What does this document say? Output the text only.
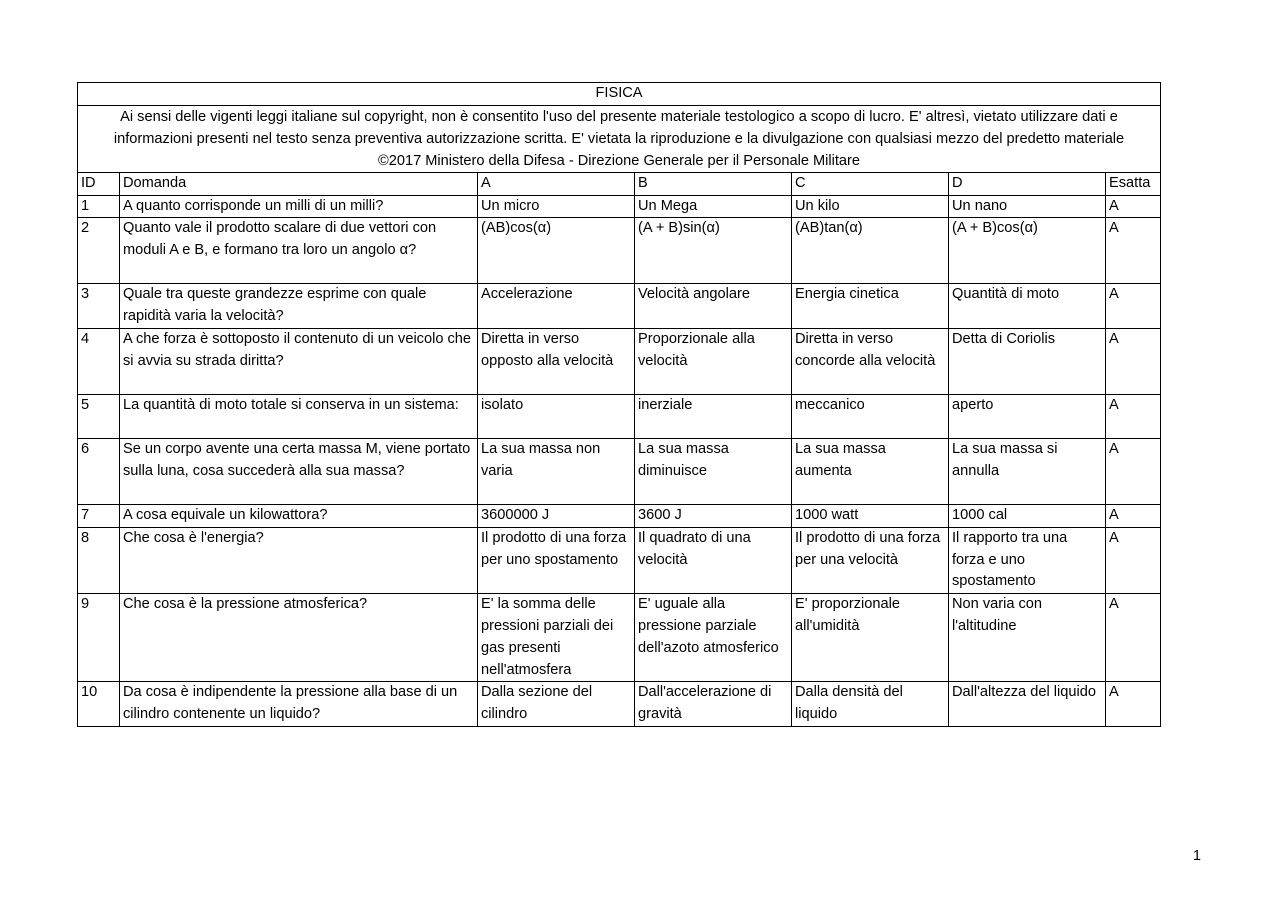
FISICA						
Ai sensi delle vigenti leggi italiane sul copyright, non è consentito l'uso del presente materiale testologico a scopo di lucro. E' altresì, vietato utilizzare dati e informazioni presenti nel testo senza preventiva autorizzazione scritta. E' vietata la riproduzione e la divulgazione con qualsiasi mezzo del predetto materiale
©2017 Ministero della Difesa - Direzione Generale per il Personale Militare						
ID	Domanda	A	B	C	D	Esatta
1	A quanto corrisponde un milli di un milli?	Un micro	Un Mega	Un kilo	Un nano	A
2	Quanto vale il prodotto scalare di due vettori con moduli A e B, e formano tra loro un angolo α?	(AB)cos(α)	(A + B)sin(α)	(AB)tan(α)	(A + B)cos(α)	A
3	Quale tra queste grandezze esprime con quale rapidità varia la velocità?	Accelerazione	Velocità angolare	Energia cinetica	Quantità di moto	A
4	A che forza è sottoposto il contenuto di un veicolo che si avvia su strada diritta?	Diretta in verso opposto alla velocità	Proporzionale alla velocità	Diretta in verso concorde alla velocità	Detta di Coriolis	A
5	La quantità di moto totale si conserva in un sistema:	isolato	inerziale	meccanico	aperto	A
6	Se un corpo avente una certa massa M, viene portato sulla luna, cosa succederà alla sua massa?	La sua massa non varia	La sua massa diminuisce	La sua massa aumenta	La sua massa si annulla	A
7	A cosa equivale un kilowattora?	3600000 J	3600 J	1000 watt	1000 cal	A
8	Che cosa è l'energia?	Il prodotto di una forza per uno spostamento	Il quadrato di una velocità	Il prodotto di una forza per una velocità	Il rapporto tra una forza e uno spostamento	A
9	Che cosa è la pressione atmosferica?	E' la somma delle pressioni parziali dei gas presenti nell'atmosfera	E' uguale alla pressione parziale dell'azoto atmosferico	E' proporzionale all'umidità	Non varia con l'altitudine	A
10	Da cosa è indipendente la pressione alla base di un cilindro contenente un liquido?	Dalla sezione del cilindro	Dall'accelerazione di gravità	Dalla densità del liquido	Dall'altezza del liquido	A
1
